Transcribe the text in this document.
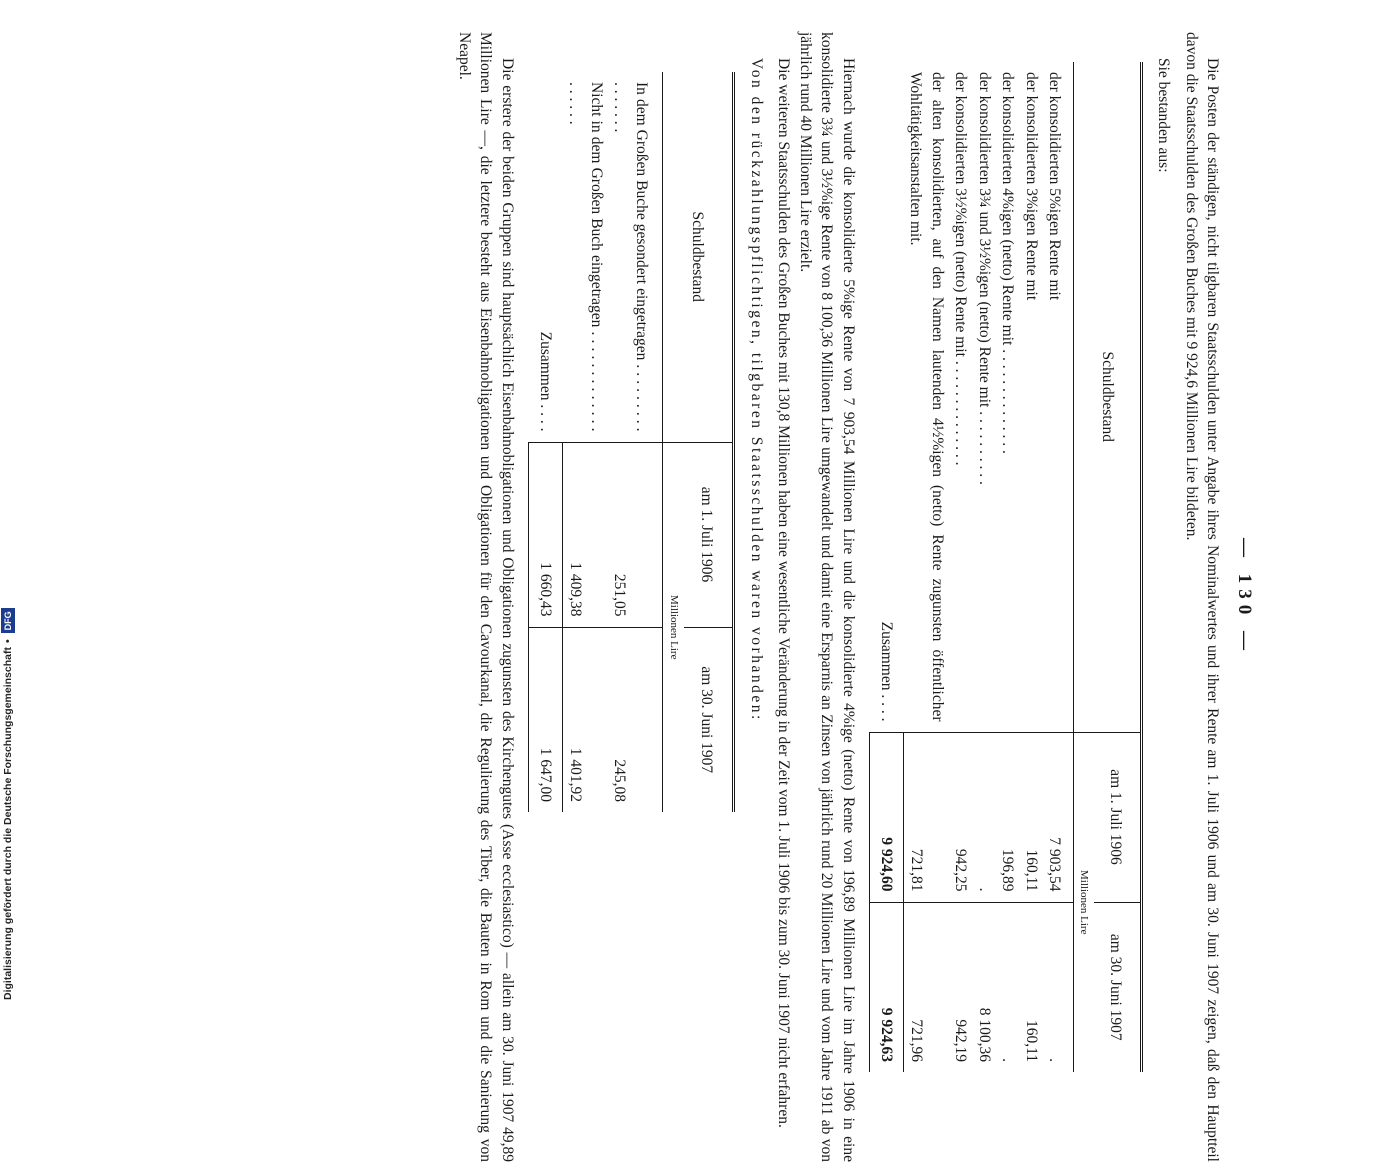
— 130 —

Die Posten der ständigen, nicht tilgbaren Staatsschulden unter Angabe ihres Nominalwertes und ihrer Rente am 1. Juli 1906 und am 30. Juni 1907 zeigen, daß den Hauptteil davon die Staatsschulden des Großen Buches mit 9 924,6 Millionen Lire bildeten.

Sie bestanden aus:

Schuldbestand	am 1. Juli 1906	am 30. Juni 1907
	Millionen Lire	
der konsolidierten 5%igen Rente mit	7 903,54	.
der konsolidierten 3%igen Rente mit	160,11	160,11
der konsolidierten 4%igen (netto) Rente mit . . . . . . . . . . . . . .	196,89	.
der konsolidierten 3¾ und 3½%igen (netto) Rente mit . . . . . . . . . .	.	8 100,36
der konsolidierten 3½%igen (netto) Rente mit . . . . . . . . . . . . . .	942,25	942,19
der alten konsolidierten, auf den Namen lautenden 4½%igen (netto) Rente zugunsten öffentlicher Wohltätigkeitsanstalten mit.	721,81	721,96
Zusammen . . . .	9 924,60	9 924,63

Hiernach wurde die konsolidierte 5%ige Rente von 7 903,54 Millionen Lire und die konsolidierte 4%ige (netto) Rente von 196,89 Millionen Lire im Jahre 1906 in eine konsolidierte 3¾ und 3½%ige Rente von 8 100,36 Millionen Lire umgewandelt und damit eine Ersparnis an Zinsen von jährlich rund 20 Millionen Lire und vom Jahre 1911 ab von jährlich rund 40 Millionen Lire erzielt.

Die weiteren Staatsschulden des Großen Buches mit 130,8 Millionen haben eine wesentliche Veränderung in der Zeit vom 1. Juli 1906 bis zum 30. Juni 1907 nicht erfahren.

Von den rückzahlungspflichtigen, tilgbaren Staatsschulden waren vorhanden:

Schuldbestand	am 1. Juli 1906	am 30. Juni 1907
	Millionen Lire	
In dem Großen Buche gesondert eingetragen . . . . . . . . . . . . . . . .	251,05	245,08
Nicht in dem Großen Buch eingetragen . . . . . . . . . . . . . . . . . . .	1 409,38	1 401,92
Zusammen . . . .	1 660,43	1 647,00

Die erstere der beiden Gruppen sind hauptsächlich Eisenbahnobligationen und Obligationen zugunsten des Kirchengutes (Asse ecclesiastico) — allein am 30. Juni 1907 49,89 Millionen Lire —, die letztere besteht aus Eisenbahnobligationen und Obligationen für den Cavourkanal, die Regulierung des Tiber, die Bauten in Rom und die Sanierung von Neapel.

Digitalisierung gefördert durch die Deutsche Forschungsgemeinschaft
•
DFG
